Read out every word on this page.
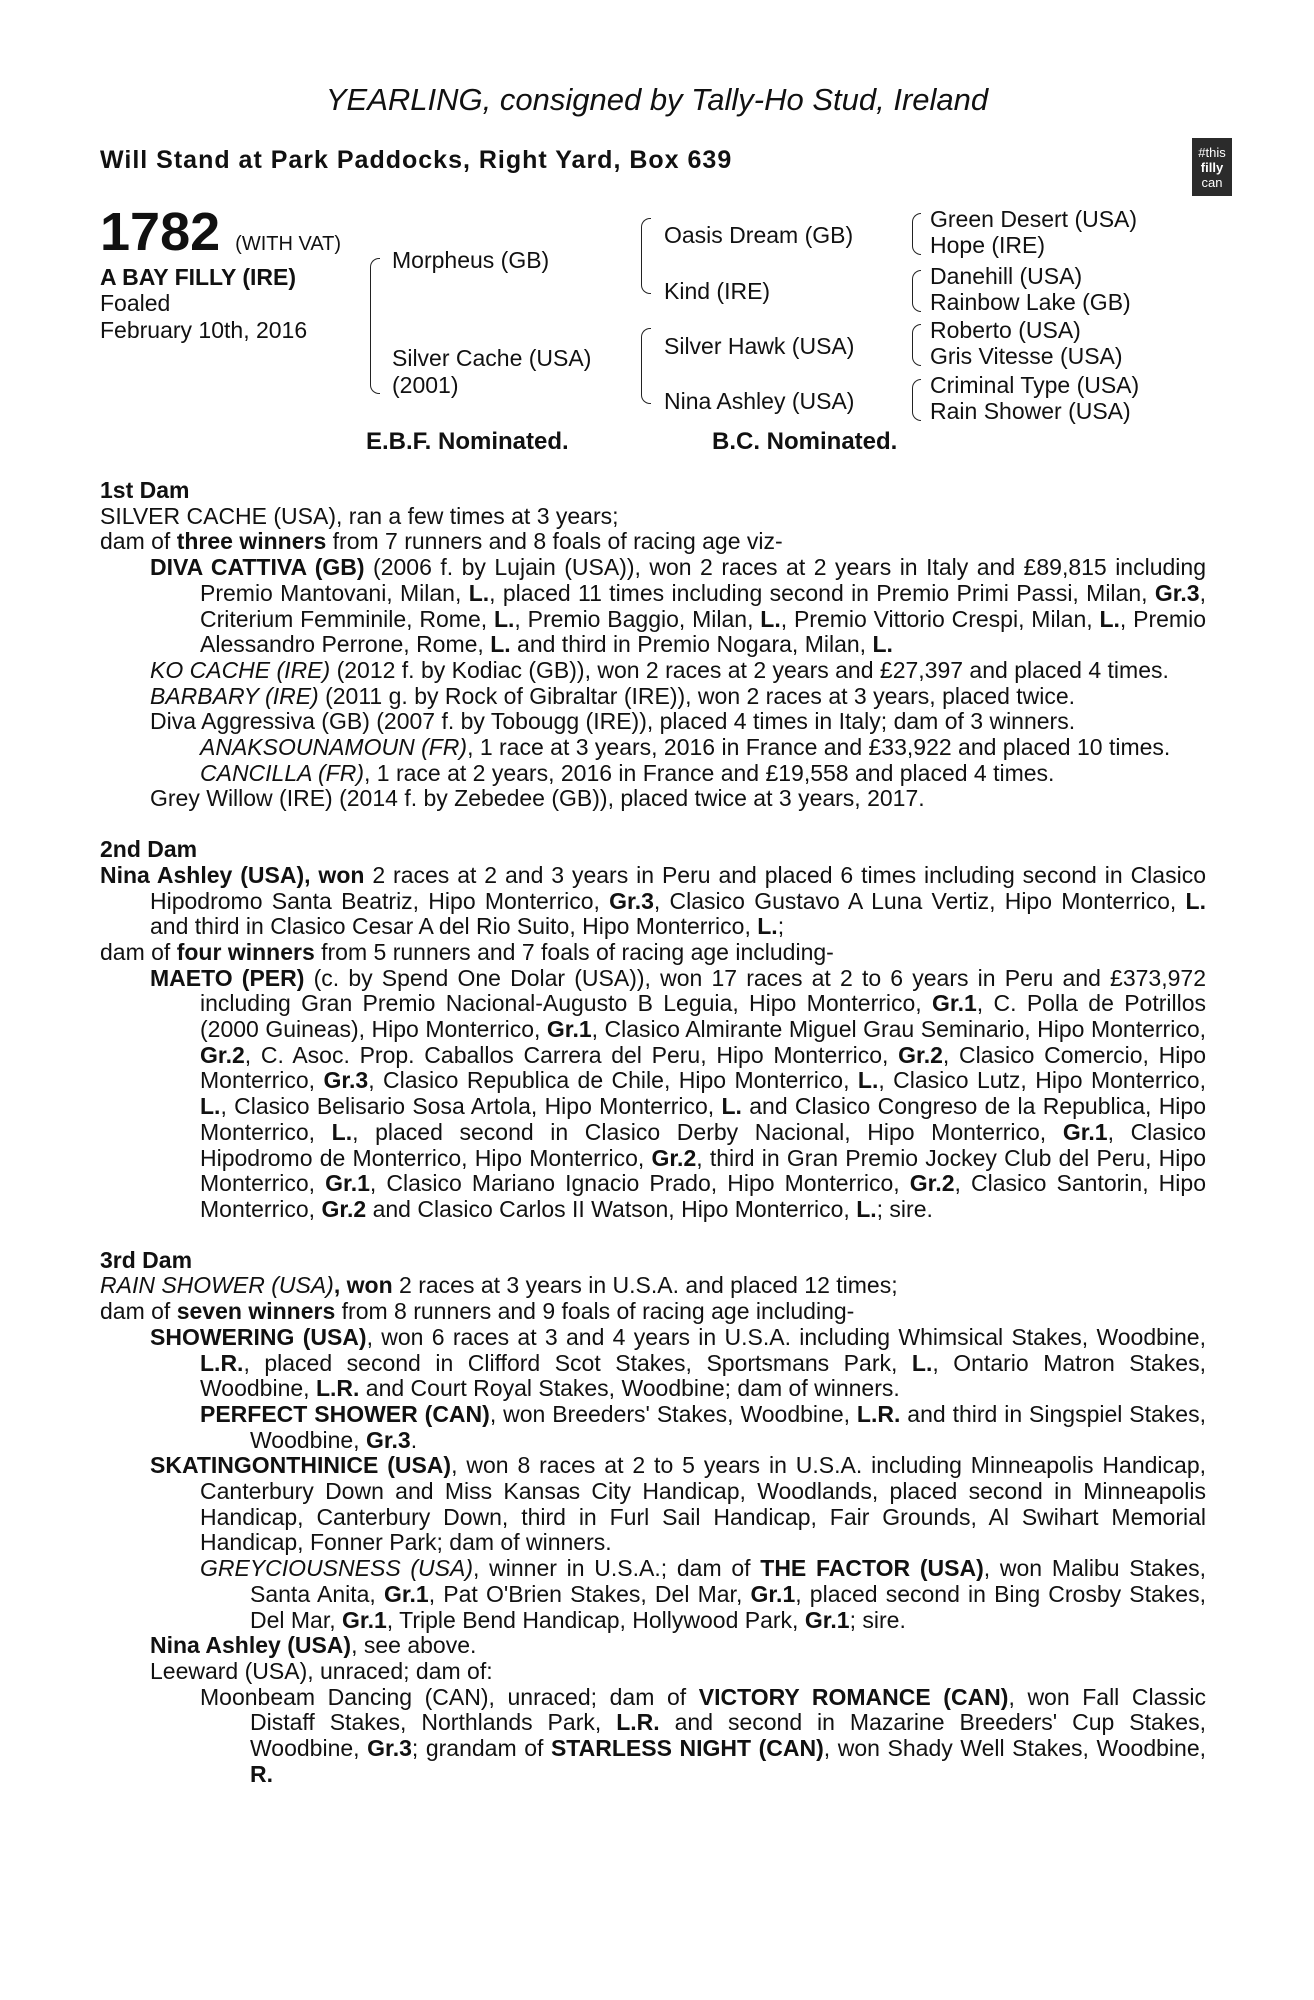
YEARLING, consigned by Tally-Ho Stud, Ireland

Will Stand at Park Paddocks, Right Yard, Box 639	#this
filly
can
1782 (WITH VAT)

A BAY FILLY (IRE)

Foaled
February 10th, 2016

Morpheus (GB)

Silver Cache (USA)

(2001)

Oasis Dream (GB)

Kind (IRE)

Silver Hawk (USA)

Nina Ashley (USA)

Green Desert (USA)

Hope (IRE)

Danehill (USA)

Rainbow Lake (GB)

Roberto (USA)

Gris Vitesse (USA)

Criminal Type (USA)

Rain Shower (USA)

E.B.F. Nominated.	B.C. Nominated.

1st Dam

SILVER CACHE (USA), ran a few times at 3 years;

dam of three winners from 7 runners and 8 foals of racing age viz-

DIVA CATTIVA (GB) (2006 f. by Lujain (USA)), won 2 races at 2 years in Italy and £89,815 including Premio Mantovani, Milan, L., placed 11 times including second in Premio Primi Passi, Milan, Gr.3, Criterium Femminile, Rome, L., Premio Baggio, Milan, L., Premio Vittorio Crespi, Milan, L., Premio Alessandro Perrone, Rome, L. and third in Premio Nogara, Milan, L.

KO CACHE (IRE) (2012 f. by Kodiac (GB)), won 2 races at 2 years and £27,397 and placed 4 times.

BARBARY (IRE) (2011 g. by Rock of Gibraltar (IRE)), won 2 races at 3 years, placed twice.

Diva Aggressiva (GB) (2007 f. by Tobougg (IRE)), placed 4 times in Italy; dam of 3 winners.

ANAKSOUNAMOUN (FR), 1 race at 3 years, 2016 in France and £33,922 and placed 10 times.

CANCILLA (FR), 1 race at 2 years, 2016 in France and £19,558 and placed 4 times.

Grey Willow (IRE) (2014 f. by Zebedee (GB)), placed twice at 3 years, 2017.

2nd Dam

Nina Ashley (USA), won 2 races at 2 and 3 years in Peru and placed 6 times including second in Clasico Hipodromo Santa Beatriz, Hipo Monterrico, Gr.3, Clasico Gustavo A Luna Vertiz, Hipo Monterrico, L. and third in Clasico Cesar A del Rio Suito, Hipo Monterrico, L.;

dam of four winners from 5 runners and 7 foals of racing age including-

MAETO (PER) (c. by Spend One Dolar (USA)), won 17 races at 2 to 6 years in Peru and £373,972 including Gran Premio Nacional-Augusto B Leguia, Hipo Monterrico, Gr.1, C. Polla de Potrillos (2000 Guineas), Hipo Monterrico, Gr.1, Clasico Almirante Miguel Grau Seminario, Hipo Monterrico, Gr.2, C. Asoc. Prop. Caballos Carrera del Peru, Hipo Monterrico, Gr.2, Clasico Comercio, Hipo Monterrico, Gr.3, Clasico Republica de Chile, Hipo Monterrico, L., Clasico Lutz, Hipo Monterrico, L., Clasico Belisario Sosa Artola, Hipo Monterrico, L. and Clasico Congreso de la Republica, Hipo Monterrico, L., placed second in Clasico Derby Nacional, Hipo Monterrico, Gr.1, Clasico Hipodromo de Monterrico, Hipo Monterrico, Gr.2, third in Gran Premio Jockey Club del Peru, Hipo Monterrico, Gr.1, Clasico Mariano Ignacio Prado, Hipo Monterrico, Gr.2, Clasico Santorin, Hipo Monterrico, Gr.2 and Clasico Carlos II Watson, Hipo Monterrico, L.; sire.

3rd Dam

RAIN SHOWER (USA), won 2 races at 3 years in U.S.A. and placed 12 times;

dam of seven winners from 8 runners and 9 foals of racing age including-

SHOWERING (USA), won 6 races at 3 and 4 years in U.S.A. including Whimsical Stakes, Woodbine, L.R., placed second in Clifford Scot Stakes, Sportsmans Park, L., Ontario Matron Stakes, Woodbine, L.R. and Court Royal Stakes, Woodbine; dam of winners.

PERFECT SHOWER (CAN), won Breeders' Stakes, Woodbine, L.R. and third in Singspiel Stakes, Woodbine, Gr.3.

SKATINGONTHINICE (USA), won 8 races at 2 to 5 years in U.S.A. including Minneapolis Handicap, Canterbury Down and Miss Kansas City Handicap, Woodlands, placed second in Minneapolis Handicap, Canterbury Down, third in Furl Sail Handicap, Fair Grounds, Al Swihart Memorial Handicap, Fonner Park; dam of winners.

GREYCIOUSNESS (USA), winner in U.S.A.; dam of THE FACTOR (USA), won Malibu Stakes, Santa Anita, Gr.1, Pat O'Brien Stakes, Del Mar, Gr.1, placed second in Bing Crosby Stakes, Del Mar, Gr.1, Triple Bend Handicap, Hollywood Park, Gr.1; sire.

Nina Ashley (USA), see above.

Leeward (USA), unraced; dam of:

Moonbeam Dancing (CAN), unraced; dam of VICTORY ROMANCE (CAN), won Fall Classic Distaff Stakes, Northlands Park, L.R. and second in Mazarine Breeders' Cup Stakes, Woodbine, Gr.3; grandam of STARLESS NIGHT (CAN), won Shady Well Stakes, Woodbine, R.
